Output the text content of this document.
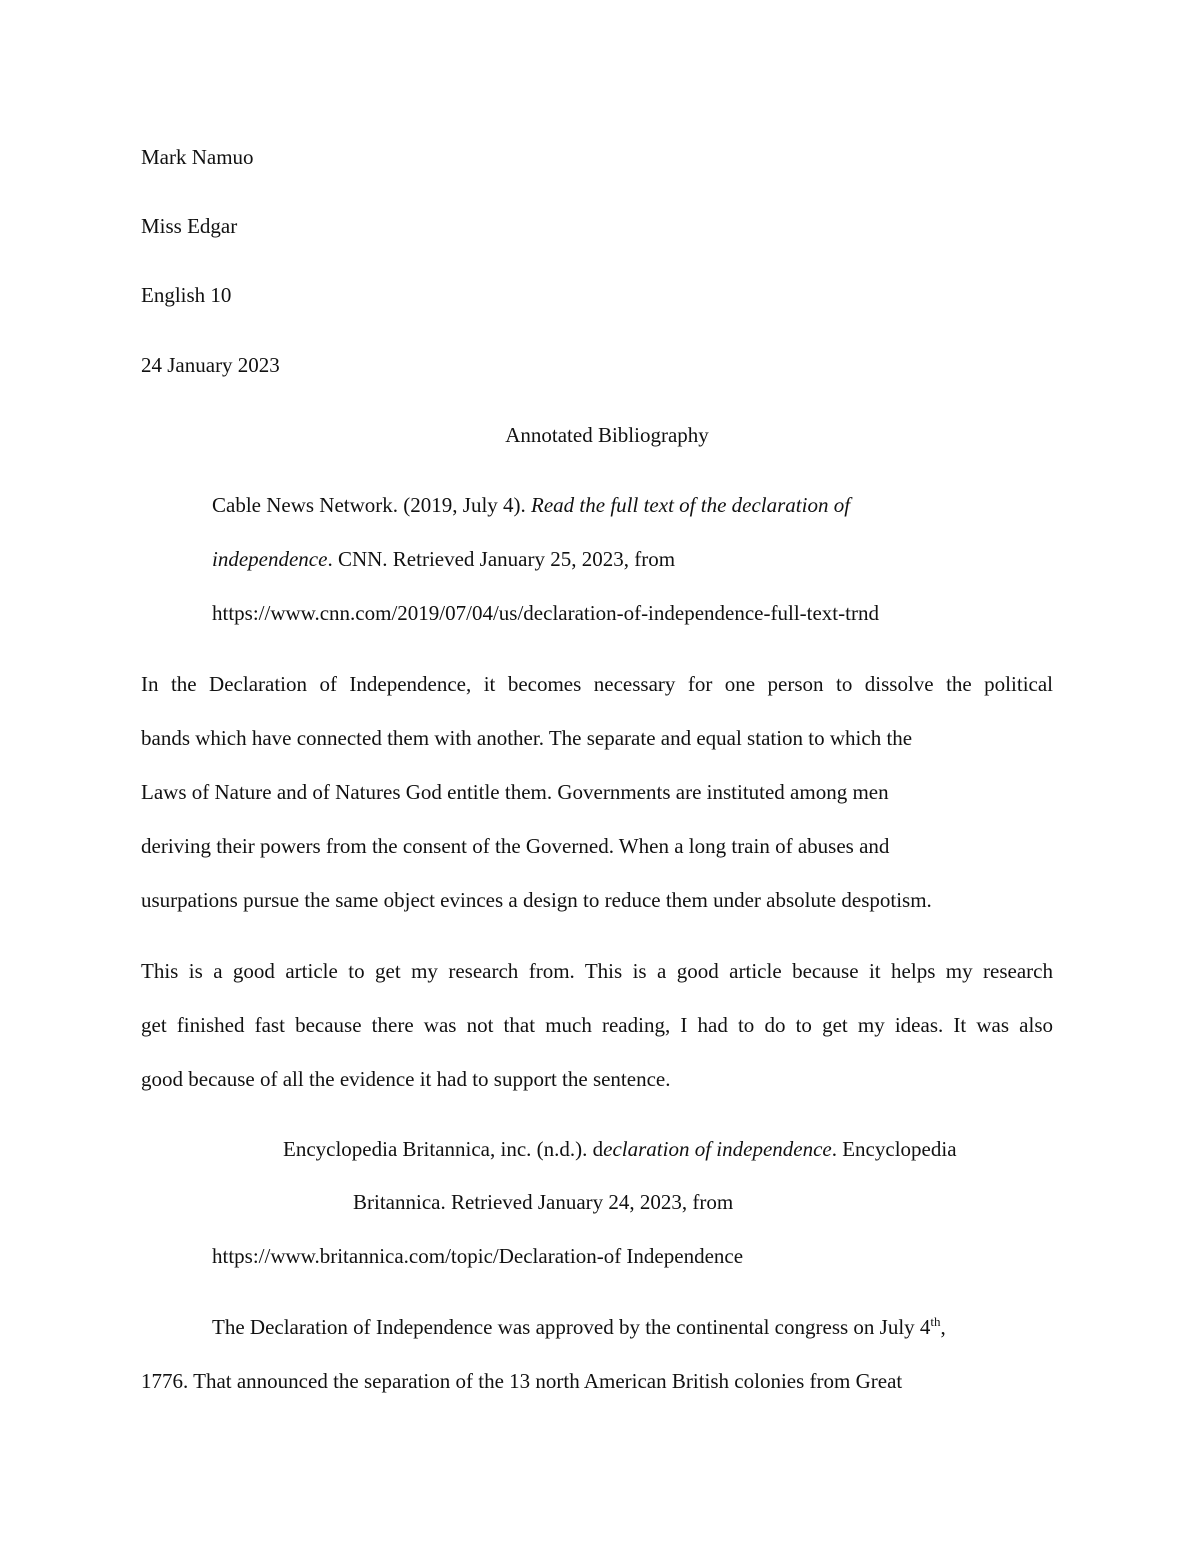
Mark Namuo
Miss Edgar
English 10
24 January 2023
Annotated Bibliography
Cable News Network. (2019, July 4). Read the full text of the declaration of
independence. CNN. Retrieved January 25, 2023, from
https://www.cnn.com/2019/07/04/us/declaration-of-independence-full-text-trnd
In the Declaration of Independence, it becomes necessary for one person to dissolve the political
bands which have connected them with another. The separate and equal station to which the
Laws of Nature and of Natures God entitle them. Governments are instituted among men
deriving their powers from the consent of the Governed. When a long train of abuses and
usurpations pursue the same object evinces a design to reduce them under absolute despotism.
This is a good article to get my research from. This is a good article because it helps my research
get finished fast because there was not that much reading, I had to do to get my ideas. It was also
good because of all the evidence it had to support the sentence.
Encyclopedia Britannica, inc. (n.d.). declaration of independence. Encyclopedia
Britannica. Retrieved January 24, 2023, from
https://www.britannica.com/topic/Declaration-of Independence
The Declaration of Independence was approved by the continental congress on July 4th,
1776. That announced the separation of the 13 north American British colonies from Great
